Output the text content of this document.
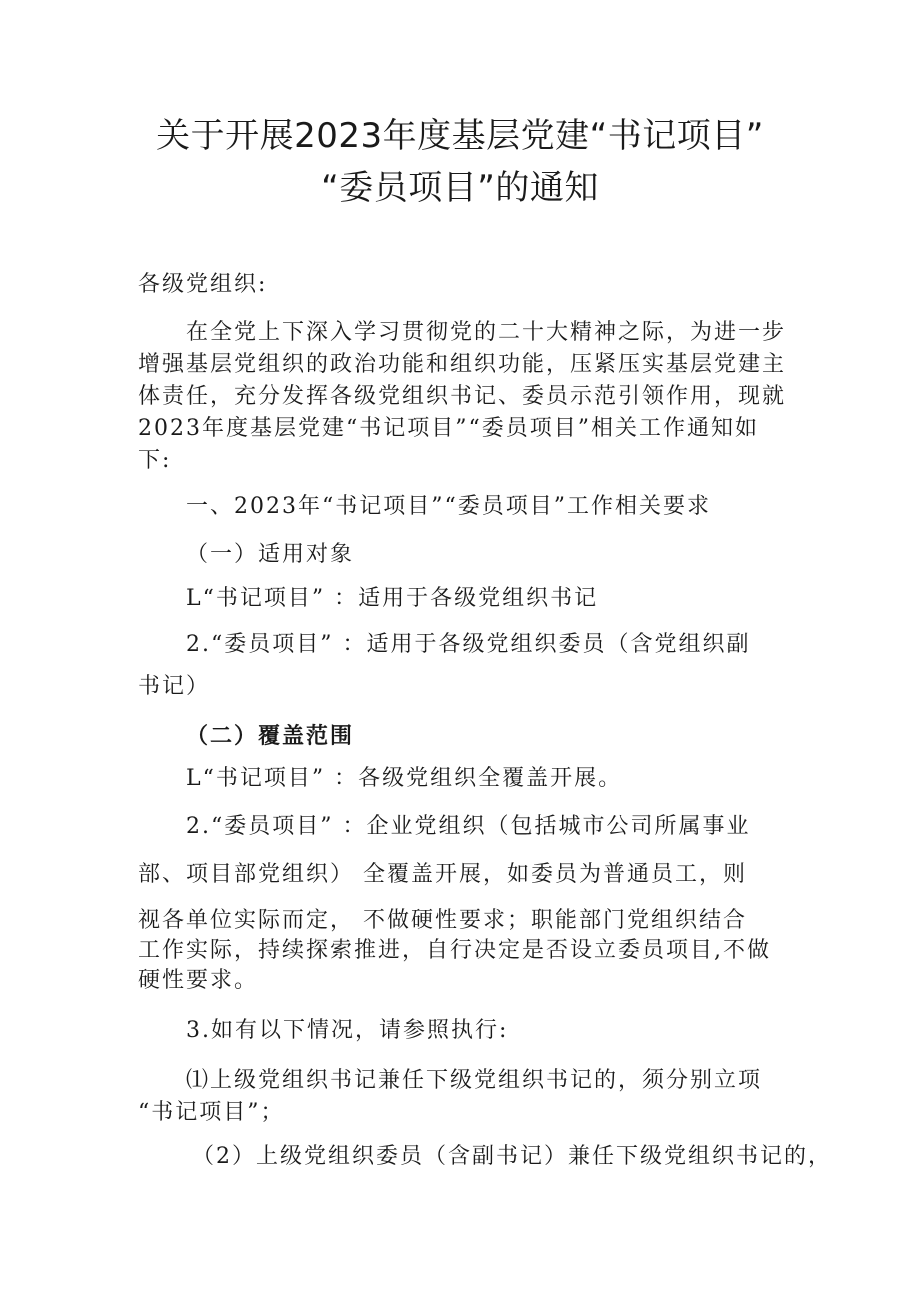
关于开展2023年度基层党建“书记项目”
“委员项目”的通知
各级党组织:
在全党上下深入学习贯彻党的二十大精神之际，为进一步
增强基层党组织的政治功能和组织功能，压紧压实基层党建主
体责任，充分发挥各级党组织书记、委员示范引领作用，现就
2023年度基层党建“书记项目”“委员项目”相关工作通知如
下:
一、2023年“书记项目”“委员项目”工作相关要求
（一）适用对象
L“书记项目” ：适用于各级党组织书记
2.“委员项目” ：适用于各级党组织委员（含党组织副
书记）
（二）覆盖范围
L“书记项目” ：各级党组织全覆盖开展。
2.“委员项目” ：企业党组织（包括城市公司所属事业
部、项目部党组织） 全覆盖开展，如委员为普通员工，则
视各单位实际而定， 不做硬性要求；职能部门党组织结合
工作实际，持续探索推进，自行决定是否设立委员项目,不做
硬性要求。
3.如有以下情况，请参照执行:
⑴上级党组织书记兼任下级党组织书记的，须分别立项
“书记项目”；
（2）上级党组织委员（含副书记）兼任下级党组织书记的，
